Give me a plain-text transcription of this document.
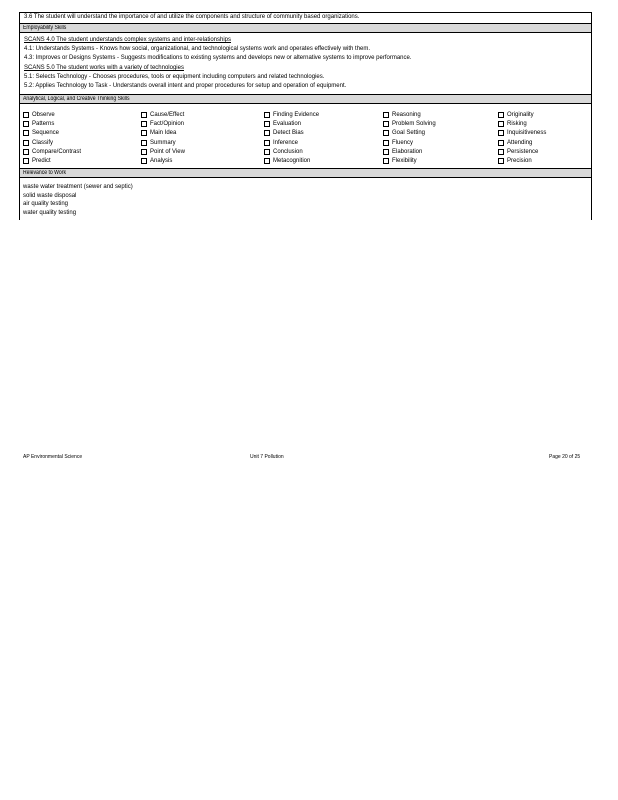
3.6 The student will understand the importance of and utilize the components and structure of community based organizations.
Employability Skills
SCANS 4.0 The student understands complex systems and inter-relationships
4.1: Understands Systems - Knows how social, organizational, and technological systems work and operates effectively with them.
4.3: Improves or Designs Systems - Suggests modifications to existing systems and develops new or alternative systems to improve performance.
SCANS 5.0 The student works with a variety of technologies
5.1: Selects Technology - Chooses procedures, tools or equipment including computers and related technologies.
5.2: Applies Technology to Task - Understands overall intent and proper procedures for setup and operation of equipment.
Analytical, Logical, and Creative Thinking Skills
Observe
Patterns
Sequence
Classify
Compare/Contrast
Predict
Cause/Effect
Fact/Opinion
Main Idea
Summary
Point of View
Analysis
Finding Evidence
Evaluation
Detect Bias
Inference
Conclusion
Metacognition
Reasoning
Problem Solving
Goal Setting
Fluency
Elaboration
Flexibility
Originality
Risking
Inquisitiveness
Attending
Persistence
Precision
Relevance to Work
waste water treatment (sewer and septic)
solid waste disposal
air quality testing
water quality testing
AP Environmental Science	Unit 7 Pollution	Page 20 of 25
